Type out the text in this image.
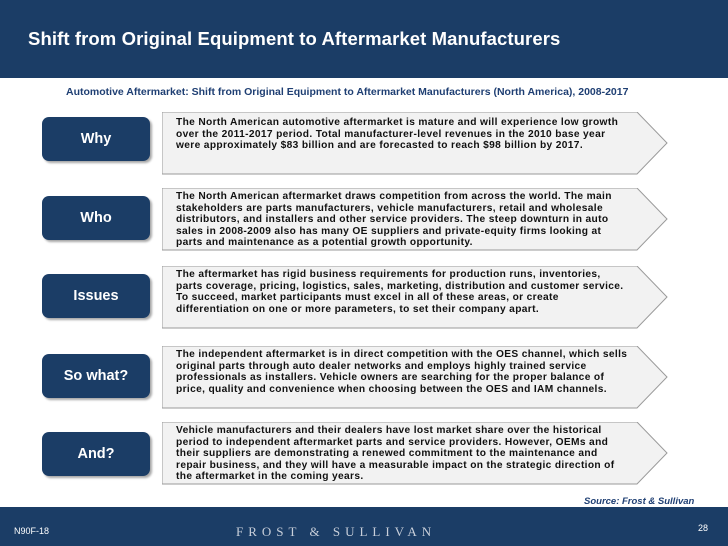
Shift from Original Equipment to Aftermarket Manufacturers
Automotive Aftermarket: Shift from Original Equipment to Aftermarket Manufacturers (North America), 2008-2017
Why
The North American automotive aftermarket is mature and will experience low growth over the 2011-2017 period. Total manufacturer-level revenues in the 2010 base year were approximately $83 billion and are forecasted to reach $98 billion by 2017.
Who
The North American aftermarket draws competition from across the world. The main stakeholders are parts manufacturers, vehicle manufacturers, retail and wholesale distributors, and installers and other service providers. The steep downturn in auto sales in 2008-2009 also has many OE suppliers and private-equity firms looking at parts and maintenance as a potential growth opportunity.
Issues
The aftermarket has rigid business requirements for production runs, inventories, parts coverage, pricing, logistics, sales, marketing, distribution and customer service. To succeed, market participants must excel in all of these areas, or create differentiation on one or more parameters, to set their company apart.
So what?
The independent aftermarket is in direct competition with the OES channel, which sells original parts through auto dealer networks and employs highly trained service professionals as installers. Vehicle owners are searching for the proper balance of price, quality and convenience when choosing between the OES and IAM channels.
And?
Vehicle manufacturers and their dealers have lost market share over the historical period to independent aftermarket parts and service providers. However, OEMs and their suppliers are demonstrating a renewed commitment to the maintenance and repair business, and they will have a measurable impact on the strategic direction of the aftermarket in the coming years.
Source: Frost & Sullivan
N90F-18	FROST & SULLIVAN	28
